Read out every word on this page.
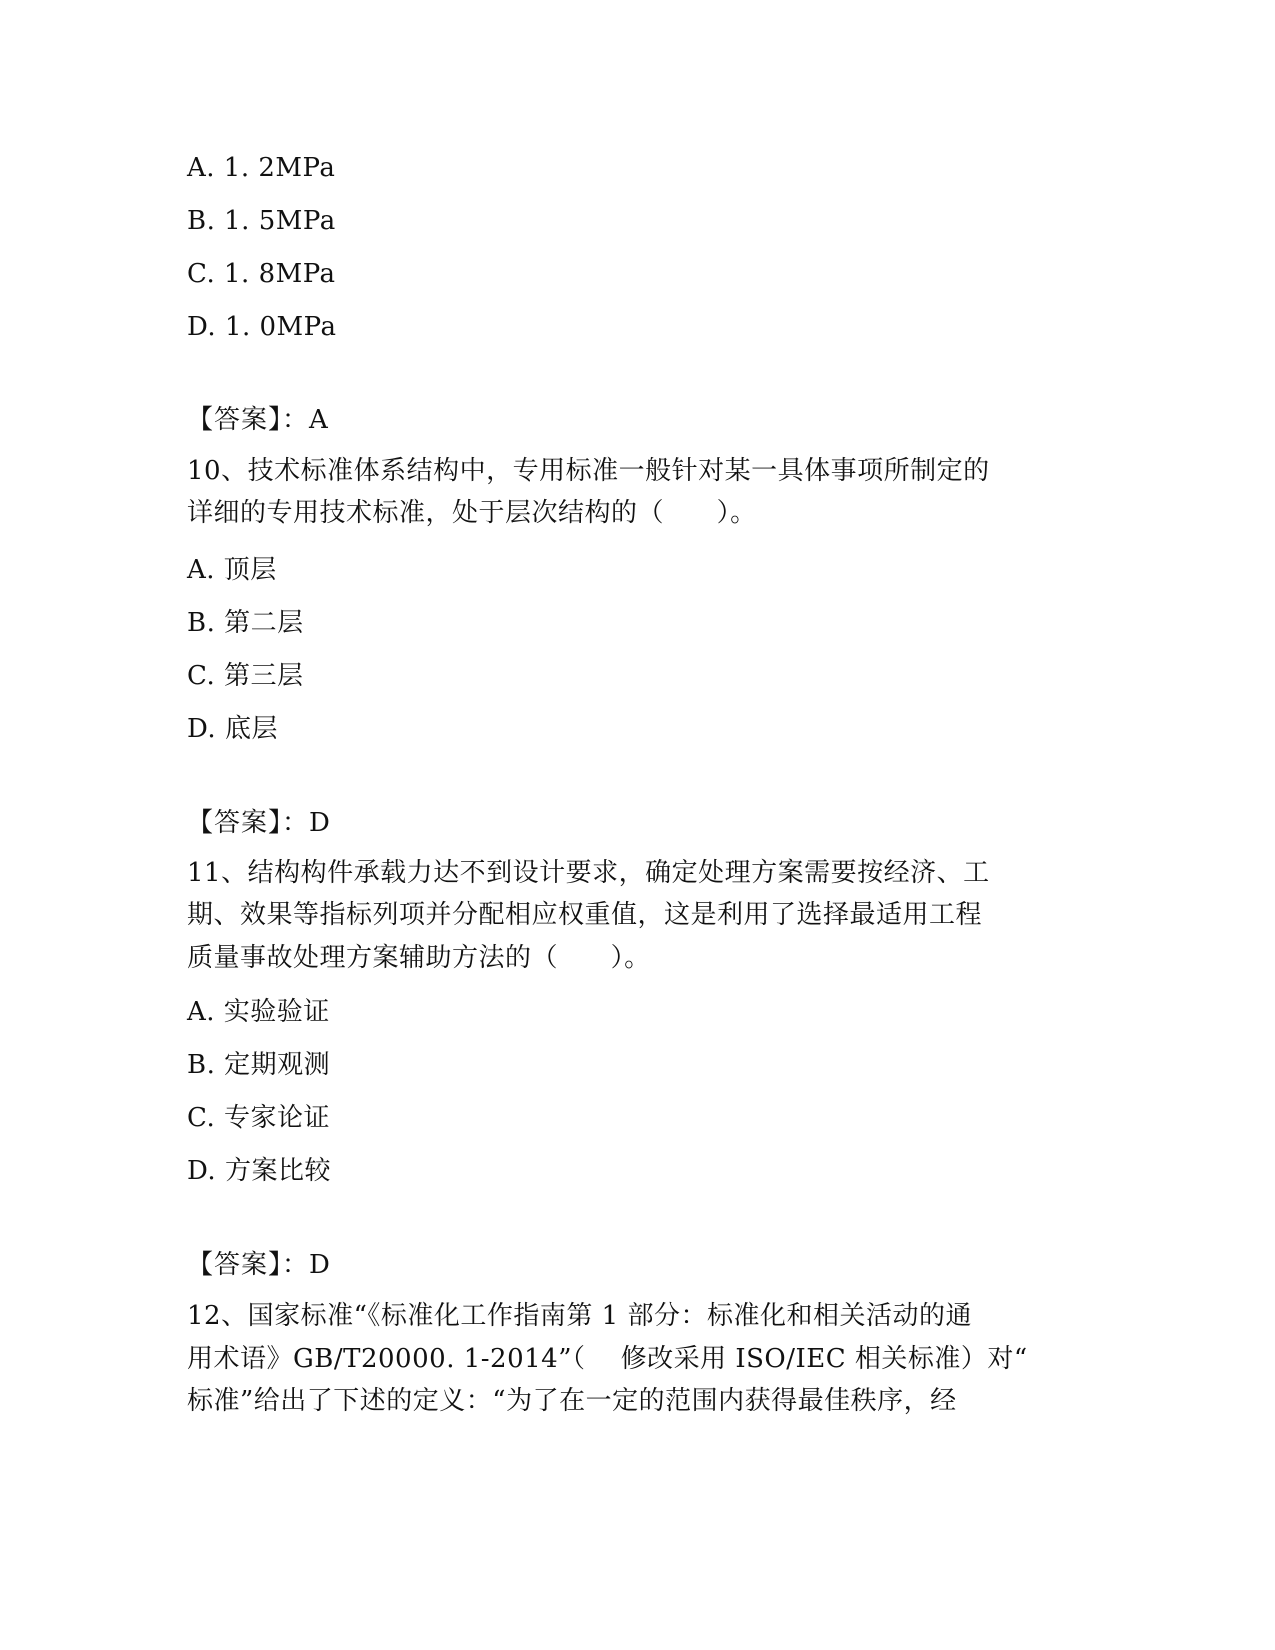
A. 1. 2MPa
B. 1. 5MPa
C. 1. 8MPa
D. 1. 0MPa
【答案】：A
10、技术标准体系结构中，专用标准一般针对某一具体事项所制定的
详细的专用技术标准，处于层次结构的（      ）。
A. 顶层
B. 第二层
C. 第三层
D. 底层
【答案】：D
11、结构构件承载力达不到设计要求，确定处理方案需要按经济、工
期、效果等指标列项并分配相应权重值，这是利用了选择最适用工程
质量事故处理方案辅助方法的（      ）。
A. 实验验证
B. 定期观测
C. 专家论证
D. 方案比较
【答案】：D
12、国家标准“《标准化工作指南第 1 部分：标准化和相关活动的通
用术语》GB/T20000. 1-2014”（    修改采用 ISO/IEC 相关标准）对“
标准”给出了下述的定义：“为了在一定的范围内获得最佳秩序，经
